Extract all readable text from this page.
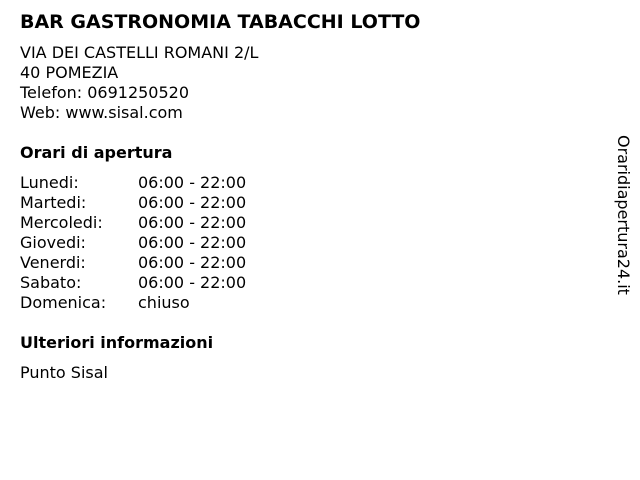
BAR GASTRONOMIA TABACCHI LOTTO
VIA DEI CASTELLI ROMANI 2/L
40 POMEZIA
Telefon: 0691250520
Web: www.sisal.com
Orari di apertura
Lunedi:	06:00 - 22:00
Martedi:	06:00 - 22:00
Mercoledi:	06:00 - 22:00
Giovedi:	06:00 - 22:00
Venerdi:	06:00 - 22:00
Sabato:	06:00 - 22:00
Domenica:	chiuso
Ulteriori informazioni
Punto Sisal
Oraridiapertura24.it
